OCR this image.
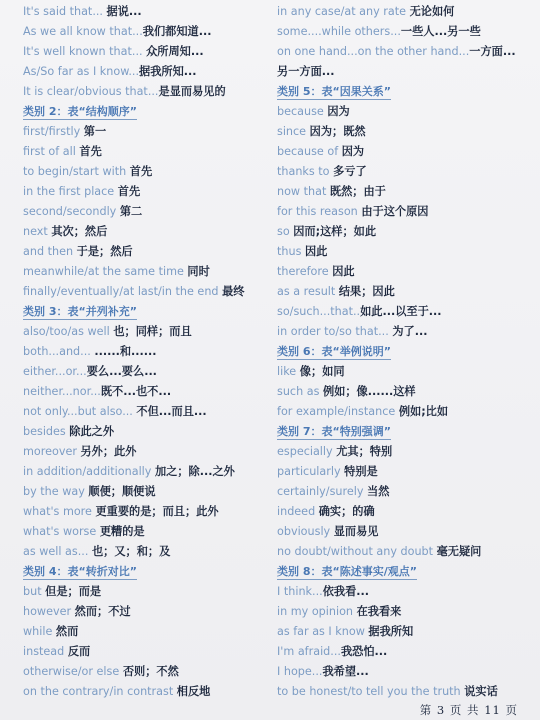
It's said that... 据说...
As we all know that...我们都知道...
It's well known that... 众所周知...
As/So far as I know...据我所知...
It is clear/obvious that...是显而易见的
类别 2：表“结构顺序”
first/firstly 第一
first of all 首先
to begin/start with 首先
in the first place 首先
second/secondly 第二
next 其次；然后
and then 于是；然后
meanwhile/at the same time 同时
finally/eventually/at last/in the end 最终
类别 3：表“并列补充”
also/too/as well 也；同样；而且
both...and... ......和......
either...or...要么...要么...
neither...nor...既不...也不...
not only...but also... 不但...而且...
besides 除此之外
moreover 另外；此外
in addition/additionally 加之；除...之外
by the way 顺便；顺便说
what's more 更重要的是；而且；此外
what's worse 更糟的是
as well as... 也；又；和；及
类别 4：表“转折对比”
but 但是；而是
however 然而；不过
while 然而
instead 反而
otherwise/or else 否则；不然
on the contrary/in contrast 相反地
in any case/at any rate 无论如何
some....while others...一些人...另一些
on one hand...on the other hand...一方面...
另一方面...
类别 5：表“因果关系”
because 因为
since 因为；既然
because of 因为
thanks to 多亏了
now that 既然；由于
for this reason 由于这个原因
so 因而;这样；如此
thus 因此
therefore 因此
as a result 结果；因此
so/such...that..如此...以至于...
in order to/so that... 为了...
类别 6：表“举例说明”
like 像；如同
such as 例如；像......这样
for example/instance 例如;比如
类别 7：表“特别强调”
especially 尤其；特别
particularly 特别是
certainly/surely 当然
indeed 确实；的确
obviously 显而易见
no doubt/without any doubt 毫无疑问
类别 8：表“陈述事实/观点”
I think...依我看...
in my opinion 在我看来
as far as I know 据我所知
I'm afraid...我恐怕...
I hope...我希望...
to be honest/to tell you the truth 说实话
第 3 页 共 11 页
